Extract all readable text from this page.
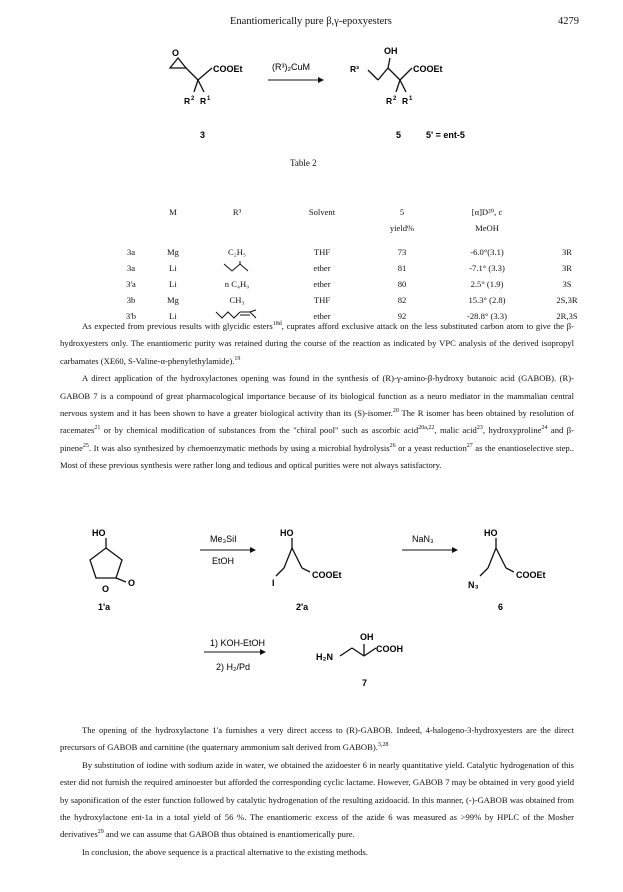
Enantiomerically pure β,γ-epoxyesters	4279
O
COOEt
R 2 R 1
(R³)₂CuM
OH
R³	COOEt
R 2 R 1
3	5	5' = ent-5
Table 2
	M	R³	Solvent	5	[α]D²⁰, c	
				yield%	MeOH	

3a	Mg	C₂H₅	THF	73	-6.0°(3.1)	3R
3a	Li		ether	81	-7.1° (3.3)	3R
3'a	Li	n C₄H₉	ether	80	2.5° (1.9)	3S
3b	Mg	CH₃	THF	82	15.3° (2.8)	2S,3R
3'b	Li		ether	92	-28.8° (3.3)	2R,3S

As expected from previous results with glycidic esters$^{18d}$, cuprates afford exclusive attack on the less substituted carbon atom to give the β-hydroxyesters only. The enantiomeric purity was retained during the course of the reaction as indicated by VPC analysis of the derived isopropyl carbamates (XE60, S-Valine-α-phenylethylamide).$^{19}$

A direct application of the hydroxylactones opening was found in the synthesis of (R)-γ-amino-β-hydroxy butanoic acid (GABOB). (R)-GABOB 7 is a compound of great pharmacological importance because of its biological function as a neuro mediator in the mammalian central nervous system and it has been shown to have a greater biological activity than its (S)-isomer.$^{20}$ The R isomer has been obtained by resolution of racemates$^{21}$ or by chemical modification of substances from the "chiral pool" such as ascorbic acid$^{20a,22}$, malic acid$^{23}$, hydroxyproline$^{24}$ and β-pinene$^{25}$. It was also synthesized by chemoenzymatic methods by using a microbial hydrolysis$^{26}$ or a yeast reduction$^{27}$ as the enantioselective step.. Most of these previous synthesis were rather long and tedious and optical purities were not always satisfactory.

HO
O
O
1'a
Me₃SiI
EtOH
HO
I
COOEt
2'a
NaN₃
HO
N₃
COOEt
6
1) KOH-EtOH
2) H₂/Pd
OH
H₂N
COOH
7

The opening of the hydroxylactone 1'a furnishes a very direct access to (R)-GABOB. Indeed, 4-halogeno-3-hydroxyesters are the direct precursors of GABOB and carnitine (the quaternary ammonium salt derived from GABOB).$^{3,28}$

By substitution of iodine with sodium azide in water, we obtained the azidoester 6 in nearly quantitative yield. Catalytic hydrogenation of this ester did not furnish the required aminoester but afforded the corresponding cyclic lactame. However, GABOB 7 may be obtained in very good yield by saponification of the ester function followed by catalytic hydrogenation of the resulting azidoacid. In this manner, (-)-GABOB was obtained from the hydroxylactone ent-1a in a total yield of 56 %. The enantiomeric excess of the azide 6 was measured as >99% by HPLC of the Mosher derivatives$^{29}$ and we can assume that GABOB thus obtained is enantiomerically pure.

In conclusion, the above sequence is a practical alternative to the existing methods.
